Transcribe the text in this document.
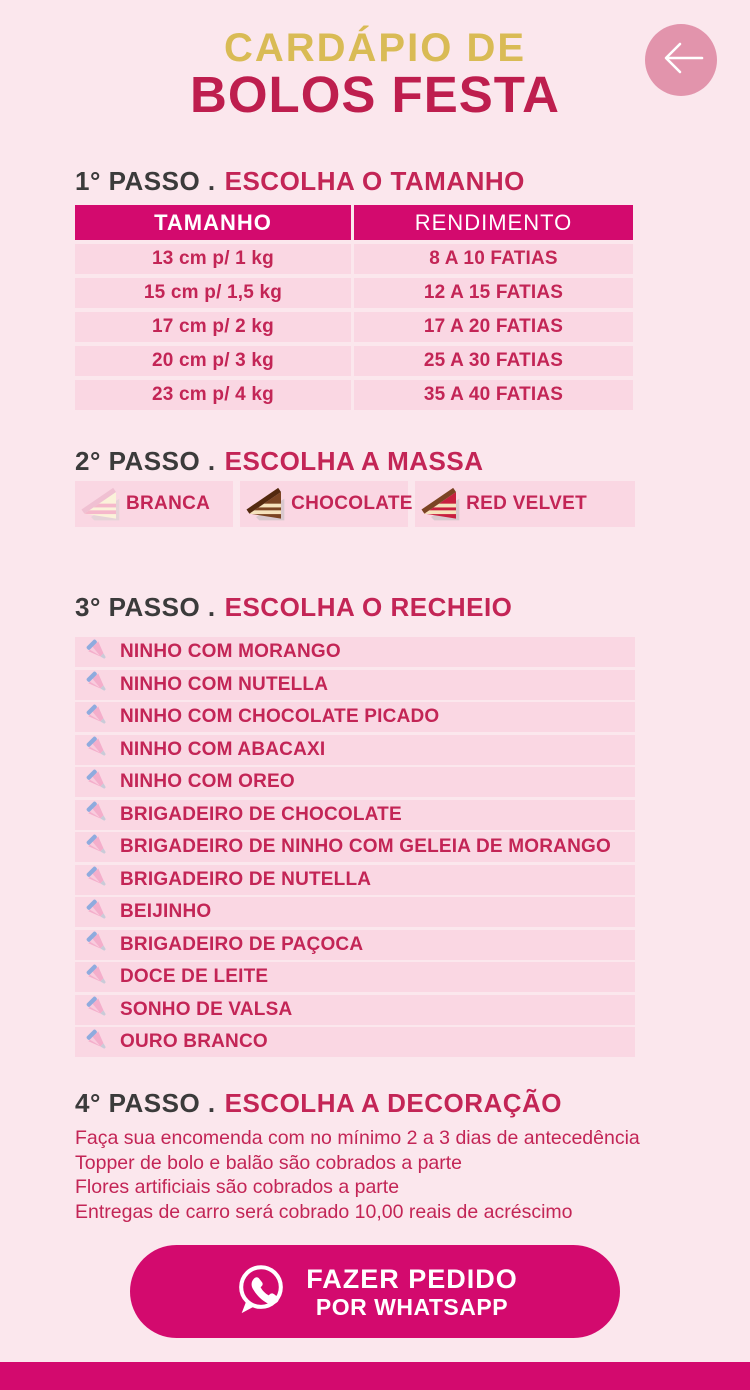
CARDÁPIO DE
BOLOS FESTA
1° PASSO . ESCOLHA O TAMANHO
TAMANHO	RENDIMENTO
13 cm p/ 1 kg	8 A 10 FATIAS
15 cm p/ 1,5 kg	12 A 15 FATIAS
17 cm p/ 2 kg	17 A 20 FATIAS
20 cm p/ 3 kg	25 A 30 FATIAS
23 cm p/ 4 kg	35 A 40 FATIAS
2° PASSO . ESCOLHA A MASSA
BRANCA	CHOCOLATE	RED VELVET
3° PASSO . ESCOLHA O RECHEIO
NINHO COM MORANGO
NINHO COM NUTELLA
NINHO COM CHOCOLATE PICADO
NINHO COM ABACAXI
NINHO COM OREO
BRIGADEIRO DE CHOCOLATE
BRIGADEIRO DE NINHO COM GELEIA DE MORANGO
BRIGADEIRO DE NUTELLA
BEIJINHO
BRIGADEIRO DE PAÇOCA
DOCE DE LEITE
SONHO DE VALSA
OURO BRANCO
4° PASSO . ESCOLHA A DECORAÇÃO
Faça sua encomenda com no mínimo 2 a 3 dias de antecedência
Topper de bolo e balão são cobrados a parte
Flores artificiais são cobrados a parte
Entregas de carro será cobrado 10,00 reais de acréscimo
FAZER PEDIDO
POR WHATSAPP
